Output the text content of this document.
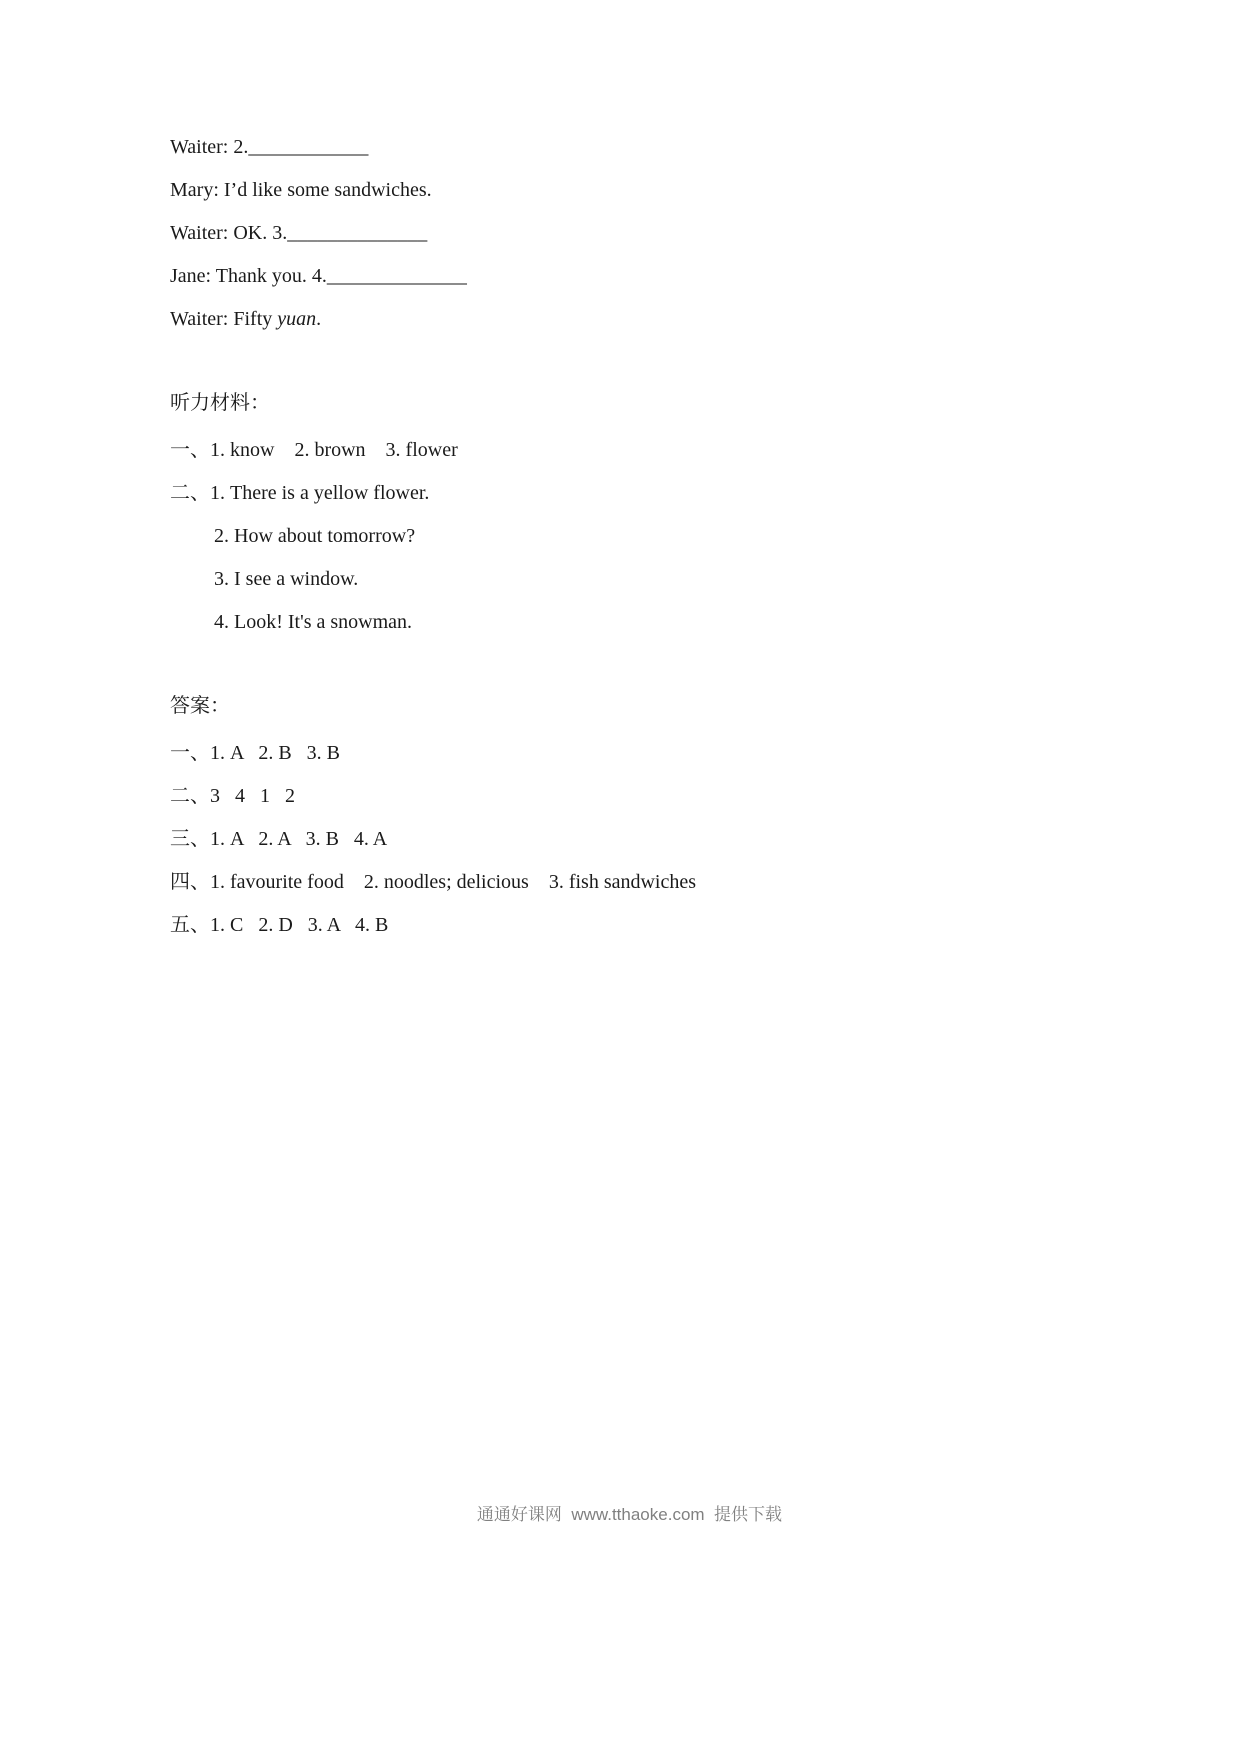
Waiter: 2.____________

Mary: I’d like some sandwiches.

Waiter: OK. 3.______________

Jane: Thank you. 4.______________

Waiter: Fifty yuan.

听力材料：

一、1. know    2. brown    3. flower

二、1. There is a yellow flower.

2. How about tomorrow?

3. I see a window.

4. Look! It's a snowman.

答案：

一、1. A   2. B   3. B

二、3   4   1   2

三、1. A   2. A   3. B   4. A

四、1. favourite food    2. noodles; delicious    3. fish sandwiches

五、1. C   2. D   3. A   4. B

通通好课网  www.tthaoke.com  提供下载
